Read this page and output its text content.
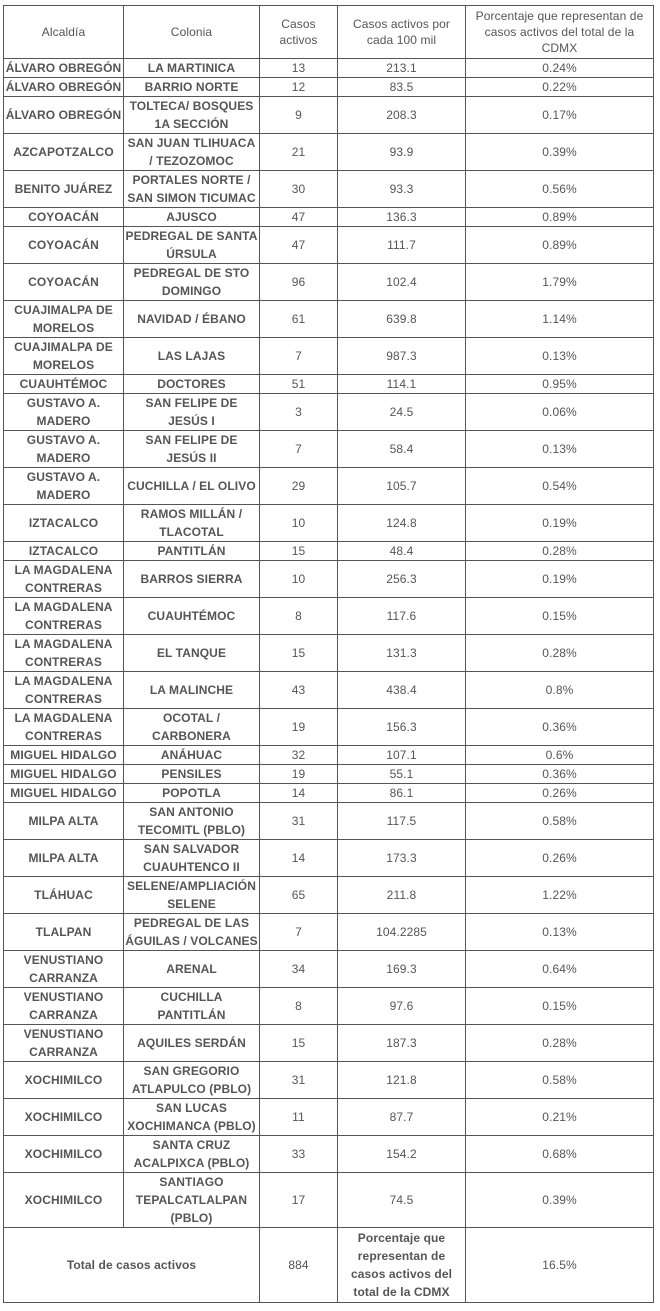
Alcaldía	Colonia	Casos activos	Casos activos por cada 100 mil	Porcentaje que representan de casos activos del total de la CDMX
ÁLVARO OBREGÓN	LA MARTINICA	13	213.1	0.24%
ÁLVARO OBREGÓN	BARRIO NORTE	12	83.5	0.22%
ÁLVARO OBREGÓN	TOLTECA/ BOSQUES 1A SECCIÓN	9	208.3	0.17%
AZCAPOTZALCO	SAN JUAN TLIHUACA / TEZOZOMOC	21	93.9	0.39%
BENITO JUÁREZ	PORTALES NORTE / SAN SIMON TICUMAC	30	93.3	0.56%
COYOACÁN	AJUSCO	47	136.3	0.89%
COYOACÁN	PEDREGAL DE SANTA ÚRSULA	47	111.7	0.89%
COYOACÁN	PEDREGAL DE STO DOMINGO	96	102.4	1.79%
CUAJIMALPA DE MORELOS	NAVIDAD / ÉBANO	61	639.8	1.14%
CUAJIMALPA DE MORELOS	LAS LAJAS	7	987.3	0.13%
CUAUHTÉMOC	DOCTORES	51	114.1	0.95%
GUSTAVO A. MADERO	SAN FELIPE DE JESÚS I	3	24.5	0.06%
GUSTAVO A. MADERO	SAN FELIPE DE JESÚS II	7	58.4	0.13%
GUSTAVO A. MADERO	CUCHILLA / EL OLIVO	29	105.7	0.54%
IZTACALCO	RAMOS MILLÁN / TLACOTAL	10	124.8	0.19%
IZTACALCO	PANTITLÁN	15	48.4	0.28%
LA MAGDALENA CONTRERAS	BARROS SIERRA	10	256.3	0.19%
LA MAGDALENA CONTRERAS	CUAUHTÉMOC	8	117.6	0.15%
LA MAGDALENA CONTRERAS	EL TANQUE	15	131.3	0.28%
LA MAGDALENA CONTRERAS	LA MALINCHE	43	438.4	0.8%
LA MAGDALENA CONTRERAS	OCOTAL / CARBONERA	19	156.3	0.36%
MIGUEL HIDALGO	ANÁHUAC	32	107.1	0.6%
MIGUEL HIDALGO	PENSILES	19	55.1	0.36%
MIGUEL HIDALGO	POPOTLA	14	86.1	0.26%
MILPA ALTA	SAN ANTONIO TECOMITL (PBLO)	31	117.5	0.58%
MILPA ALTA	SAN SALVADOR CUAUHTENCO II	14	173.3	0.26%
TLÁHUAC	SELENE/AMPLIACIÓN SELENE	65	211.8	1.22%
TLALPAN	PEDREGAL DE LAS ÁGUILAS / VOLCANES	7	104.2285	0.13%
VENUSTIANO CARRANZA	ARENAL	34	169.3	0.64%
VENUSTIANO CARRANZA	CUCHILLA PANTITLÁN	8	97.6	0.15%
VENUSTIANO CARRANZA	AQUILES SERDÁN	15	187.3	0.28%
XOCHIMILCO	SAN GREGORIO ATLAPULCO (PBLO)	31	121.8	0.58%
XOCHIMILCO	SAN LUCAS XOCHIMANCA (PBLO)	11	87.7	0.21%
XOCHIMILCO	SANTA CRUZ ACALPIXCA (PBLO)	33	154.2	0.68%
XOCHIMILCO	SANTIAGO TEPALCATLALPAN (PBLO)	17	74.5	0.39%
Total de casos activos		884	Porcentaje que representan de casos activos del total de la CDMX	16.5%
